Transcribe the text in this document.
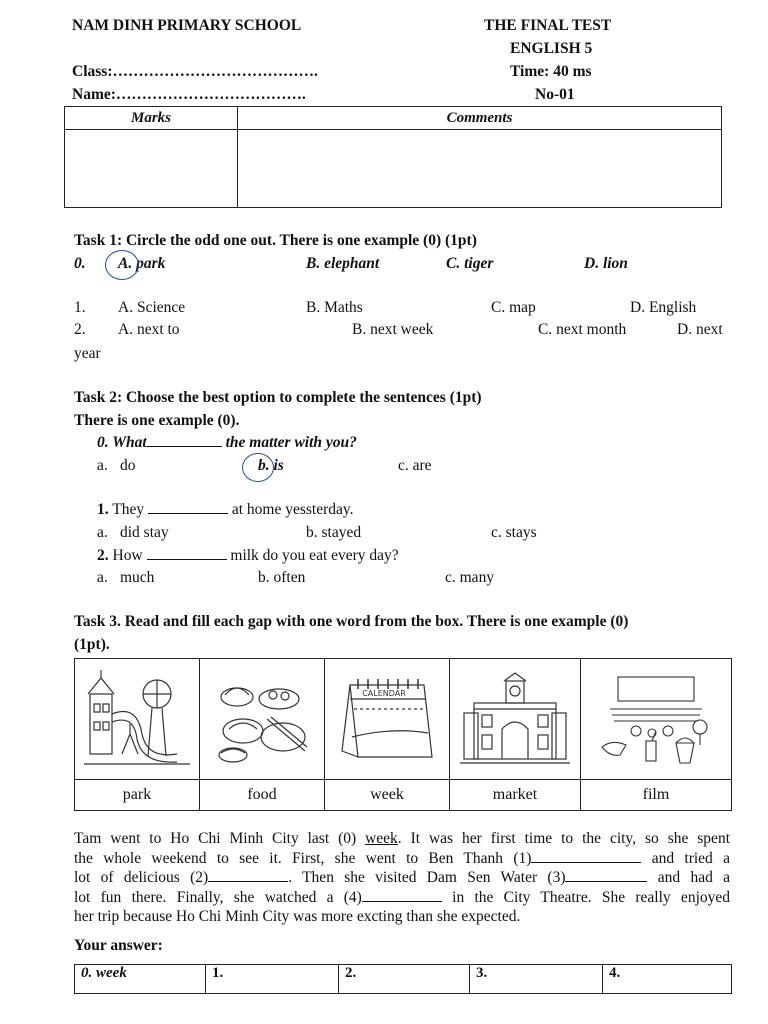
NAM DINH PRIMARY SCHOOL	THE FINAL TEST
ENGLISH 5
Class:………………………………….	Time: 40 ms
Name:……………………………….	No-01
Marks	Comments

Task 1: Circle the odd one out. There is one example (0) (1pt)
0. A. park	B. elephant	C. tiger	D. lion
1. A. Science	B. Maths	C. map	D. English
2. A. next to	B. next week	C. next month	D. next
year
Task 2: Choose the best option to complete the sentences (1pt)
There is one example (0).
0. What	the matter with you?
a. do	b. is	c. are
1. They	at home yessterday.
a. did stay	b. stayed	c. stays
2. How	milk do you eat every day?
a. much	b. often	c. many
Task 3. Read and fill each gap with one word from the box. There is one example (0)
(1pt).

CALENDAR

park	food	week	market	film
Tam went to Ho Chi Minh City last (0) week. It was her first time to the city, so she spent
the whole weekend to see it. First, she went to Ben Thanh (1)	and tried a
lot of delicious (2)	. Then she visited Dam Sen Water (3)	and had a
lot fun there. Finally, she watched a (4)	in the City Theatre. She really enjoyed
her trip because Ho Chi Minh City was more excting than she expected.
Your answer:
0. week	1.	2.	3.	4.
